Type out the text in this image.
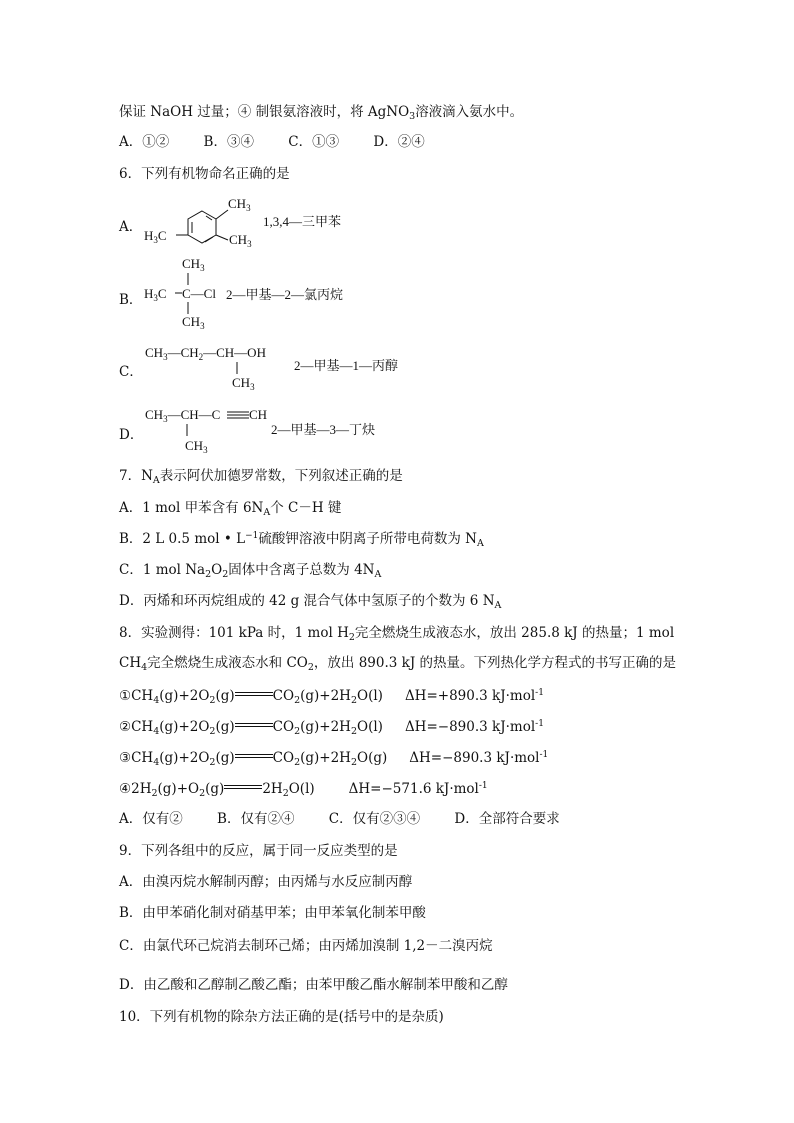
保证 NaOH 过量；④ 制银氨溶液时，将 AgNO$_3$溶液滴入氨水中。
A．①②	B．③④	C．①③	D．②④
6．下列有机物命名正确的是
A．
$CH_3$
$H_3C$	$CH_3$
1,3,4—三甲苯
B．
$CH_3$
$H_3C$ C—Cl
$CH_3$
2—甲基—2—氯丙烷
C．
$CH_3—CH_2—CH—OH$
$CH_3$
2—甲基—1—丙醇
D．
$CH_3—CH—C$ CH
$CH_3$
2—甲基—3—丁炔
7．$N_A$表示阿伏加德罗常数，下列叙述正确的是
A．1 mol 甲苯含有 $6N_A$个 C－H 键
B．2 L 0.5 mol • $L^{-1}$硫酸钾溶液中阴离子所带电荷数为 $N_A$
C．1 mol $Na_2O_2$固体中含离子总数为 $4N_A$
D．丙烯和环丙烷组成的 42 g 混合气体中氢原子的个数为 6 $N_A$
8．实验测得：101 kPa 时，1 mol $H_2$完全燃烧生成液态水，放出 285.8 kJ 的热量；1 mol
$CH_4$完全燃烧生成液态水和 $CO_2$，放出 890.3 kJ 的热量。下列热化学方程式的书写正确的是
$①CH_4(g)+2O_2(g)$	$CO_2(g)+2H_2O(l)$ ΔH=+890.3 kJ·mol$^{-1}$
$②CH_4(g)+2O_2(g)$	$CO_2(g)+2H_2O(l)$ ΔH=−890.3 kJ·mol$^{-1}$
$③CH_4(g)+2O_2(g)$	$CO_2(g)+2H_2O(g)$ ΔH=−890.3 kJ·mol$^{-1}$
$④2H_2(g)+O_2(g)$	$2H_2O(l)$	ΔH=−571.6 kJ·mol$^{-1}$
A．仅有②	B．仅有②④	C．仅有②③④	D．全部符合要求
9．下列各组中的反应，属于同一反应类型的是
A．由溴丙烷水解制丙醇；由丙烯与水反应制丙醇
B．由甲苯硝化制对硝基甲苯；由甲苯氧化制苯甲酸
C．由氯代环己烷消去制环己烯；由丙烯加溴制 1,2－二溴丙烷
D．由乙酸和乙醇制乙酸乙酯；由苯甲酸乙酯水解制苯甲酸和乙醇
10．下列有机物的除杂方法正确的是(括号中的是杂质)
